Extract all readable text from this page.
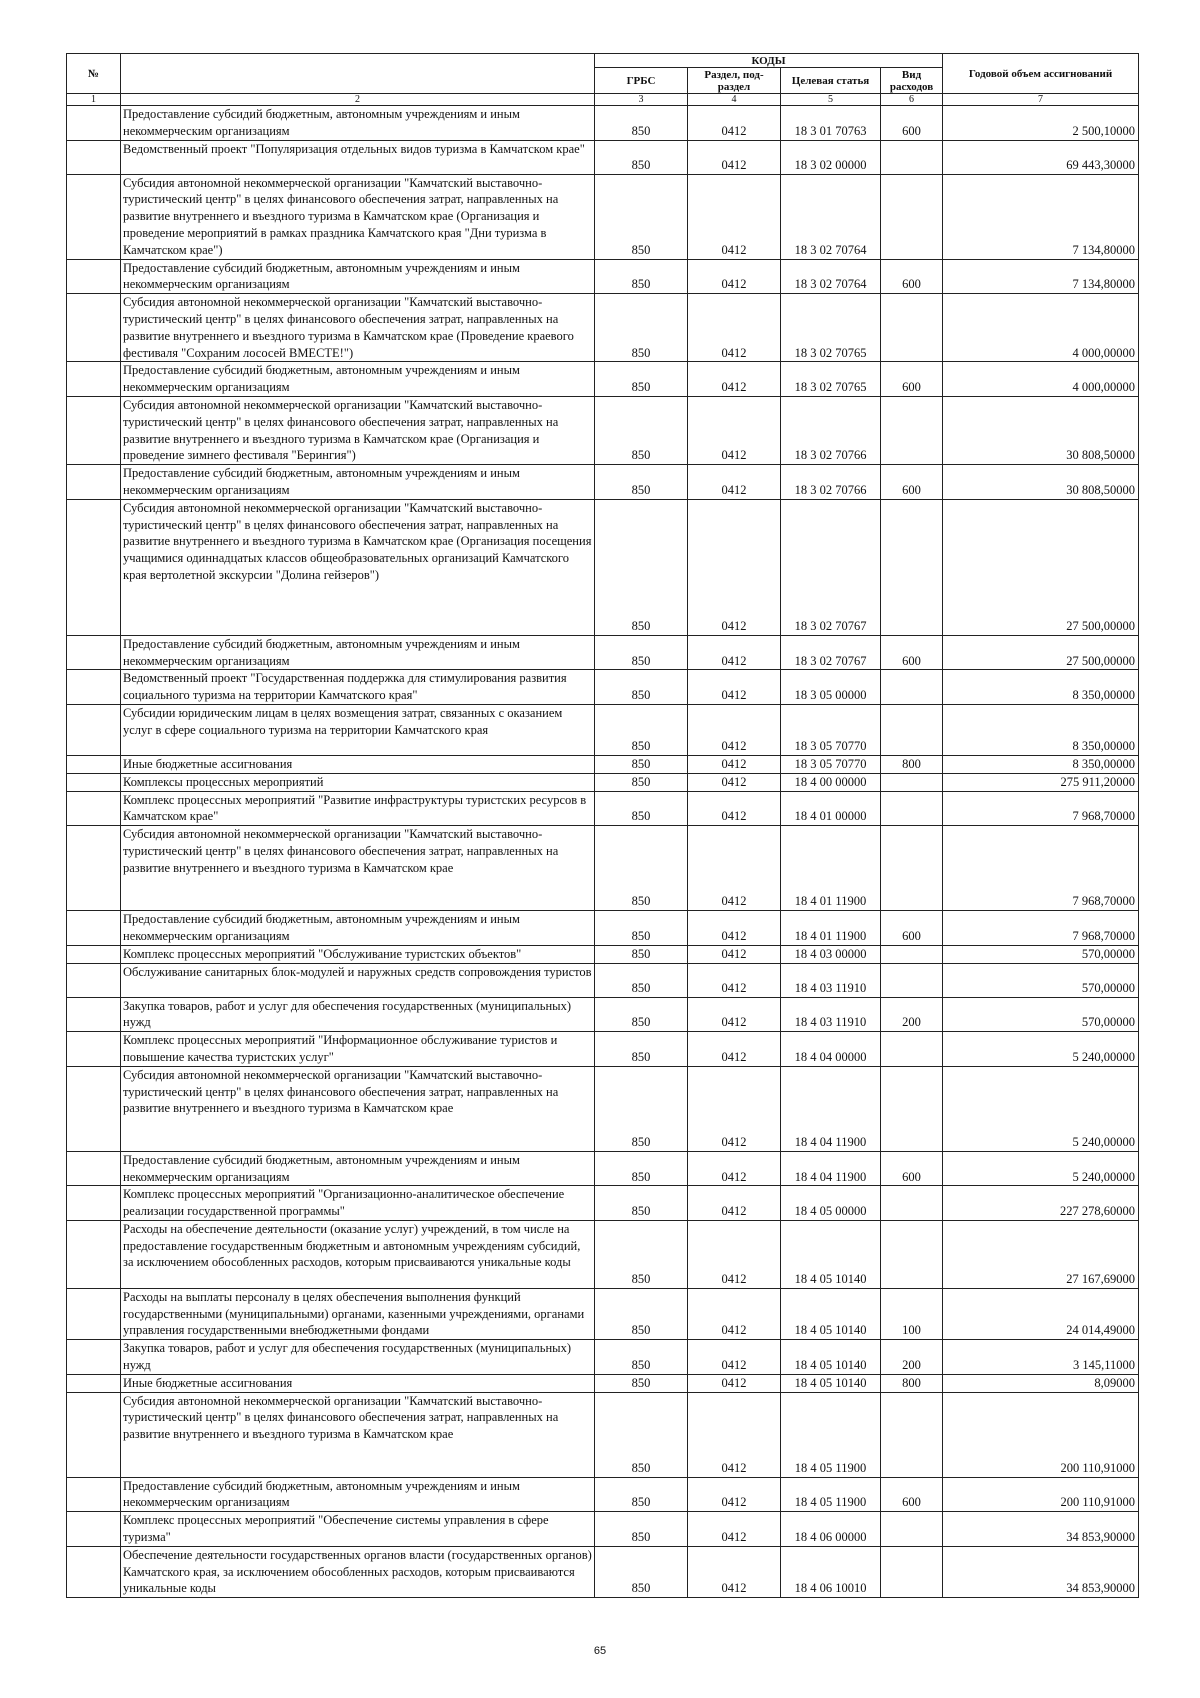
№		КОДЫ				Годовой объем ассигнований
		ГРБС	Раздел, под-раздел	Целевая статья	Вид расходов	
1	2	3	4	5	6	7
	Предоставление субсидий бюджетным, автономным учреждениям и иным некоммерческим организациям	850	0412	18 3 01 70763	600	2 500,10000
	Ведомственный проект "Популяризация отдельных видов туризма в Камчатском крае"	850	0412	18 3 02 00000		69 443,30000
	Субсидия автономной некоммерческой организации "Камчатский выставочно-туристический центр" в целях финансового обеспечения затрат, направленных на развитие внутреннего и въездного туризма в Камчатском крае (Организация и проведение мероприятий в рамках праздника Камчатского края "Дни туризма в Камчатском крае")	850	0412	18 3 02 70764		7 134,80000
	Предоставление субсидий бюджетным, автономным учреждениям и иным некоммерческим организациям	850	0412	18 3 02 70764	600	7 134,80000
	Субсидия автономной некоммерческой организации "Камчатский выставочно-туристический центр" в целях финансового обеспечения затрат, направленных на развитие внутреннего и въездного туризма в Камчатском крае (Проведение краевого фестиваля "Сохраним лососей ВМЕСТЕ!")	850	0412	18 3 02 70765		4 000,00000
	Предоставление субсидий бюджетным, автономным учреждениям и иным некоммерческим организациям	850	0412	18 3 02 70765	600	4 000,00000
	Субсидия автономной некоммерческой организации "Камчатский выставочно-туристический центр" в целях финансового обеспечения затрат, направленных на развитие внутреннего и въездного туризма в Камчатском крае (Организация и проведение зимнего фестиваля "Берингия")	850	0412	18 3 02 70766		30 808,50000
	Предоставление субсидий бюджетным, автономным учреждениям и иным некоммерческим организациям	850	0412	18 3 02 70766	600	30 808,50000
	Субсидия автономной некоммерческой организации "Камчатский выставочно-туристический центр" в целях финансового обеспечения затрат, направленных на развитие внутреннего и въездного туризма в Камчатском крае (Организация посещения учащимися одиннадцатых классов общеобразовательных организаций Камчатского края вертолетной экскурсии "Долина гейзеров")	850	0412	18 3 02 70767		27 500,00000
	Предоставление субсидий бюджетным, автономным учреждениям и иным некоммерческим организациям	850	0412	18 3 02 70767	600	27 500,00000
	Ведомственный проект "Государственная поддержка для стимулирования развития социального туризма на территории Камчатского края"	850	0412	18 3 05 00000		8 350,00000
	Субсидии юридическим лицам в целях возмещения затрат, связанных с оказанием услуг в сфере социального туризма на территории Камчатского края	850	0412	18 3 05 70770		8 350,00000
	Иные бюджетные ассигнования	850	0412	18 3 05 70770	800	8 350,00000
	Комплексы процессных мероприятий	850	0412	18 4 00 00000		275 911,20000
	Комплекс процессных мероприятий "Развитие инфраструктуры туристских ресурсов в Камчатском крае"	850	0412	18 4 01 00000		7 968,70000
	Субсидия автономной некоммерческой организации "Камчатский выставочно-туристический центр" в целях финансового обеспечения затрат, направленных на развитие внутреннего и въездного туризма в Камчатском крае	850	0412	18 4 01 11900		7 968,70000
	Предоставление субсидий бюджетным, автономным учреждениям и иным некоммерческим организациям	850	0412	18 4 01 11900	600	7 968,70000
	Комплекс процессных мероприятий "Обслуживание туристских объектов"	850	0412	18 4 03 00000		570,00000
	Обслуживание санитарных блок-модулей и наружных средств сопровождения туристов	850	0412	18 4 03 11910		570,00000
	Закупка товаров, работ и услуг для обеспечения государственных (муниципальных) нужд	850	0412	18 4 03 11910	200	570,00000
	Комплекс процессных мероприятий "Информационное обслуживание туристов и повышение качества туристских услуг"	850	0412	18 4 04 00000		5 240,00000
	Субсидия автономной некоммерческой организации "Камчатский выставочно-туристический центр" в целях финансового обеспечения затрат, направленных на развитие внутреннего и въездного туризма в Камчатском крае	850	0412	18 4 04 11900		5 240,00000
	Предоставление субсидий бюджетным, автономным учреждениям и иным некоммерческим организациям	850	0412	18 4 04 11900	600	5 240,00000
	Комплекс процессных мероприятий "Организационно-аналитическое обеспечение реализации государственной программы"	850	0412	18 4 05 00000		227 278,60000
	Расходы на обеспечение деятельности (оказание услуг) учреждений, в том числе на предоставление государственным бюджетным и автономным учреждениям субсидий, за исключением обособленных расходов, которым присваиваются уникальные коды	850	0412	18 4 05 10140		27 167,69000
	Расходы на выплаты персоналу в целях обеспечения выполнения функций государственными (муниципальными) органами, казенными учреждениями, органами управления государственными внебюджетными фондами	850	0412	18 4 05 10140	100	24 014,49000
	Закупка товаров, работ и услуг для обеспечения государственных (муниципальных) нужд	850	0412	18 4 05 10140	200	3 145,11000
	Иные бюджетные ассигнования	850	0412	18 4 05 10140	800	8,09000
	Субсидия автономной некоммерческой организации "Камчатский выставочно-туристический центр" в целях финансового обеспечения затрат, направленных на развитие внутреннего и въездного туризма в Камчатском крае	850	0412	18 4 05 11900		200 110,91000
	Предоставление субсидий бюджетным, автономным учреждениям и иным некоммерческим организациям	850	0412	18 4 05 11900	600	200 110,91000
	Комплекс процессных мероприятий "Обеспечение системы управления в сфере туризма"	850	0412	18 4 06 00000		34 853,90000
	Обеспечение деятельности государственных органов власти (государственных органов) Камчатского края, за исключением обособленных расходов, которым присваиваются уникальные коды	850	0412	18 4 06 10010		34 853,90000
65
